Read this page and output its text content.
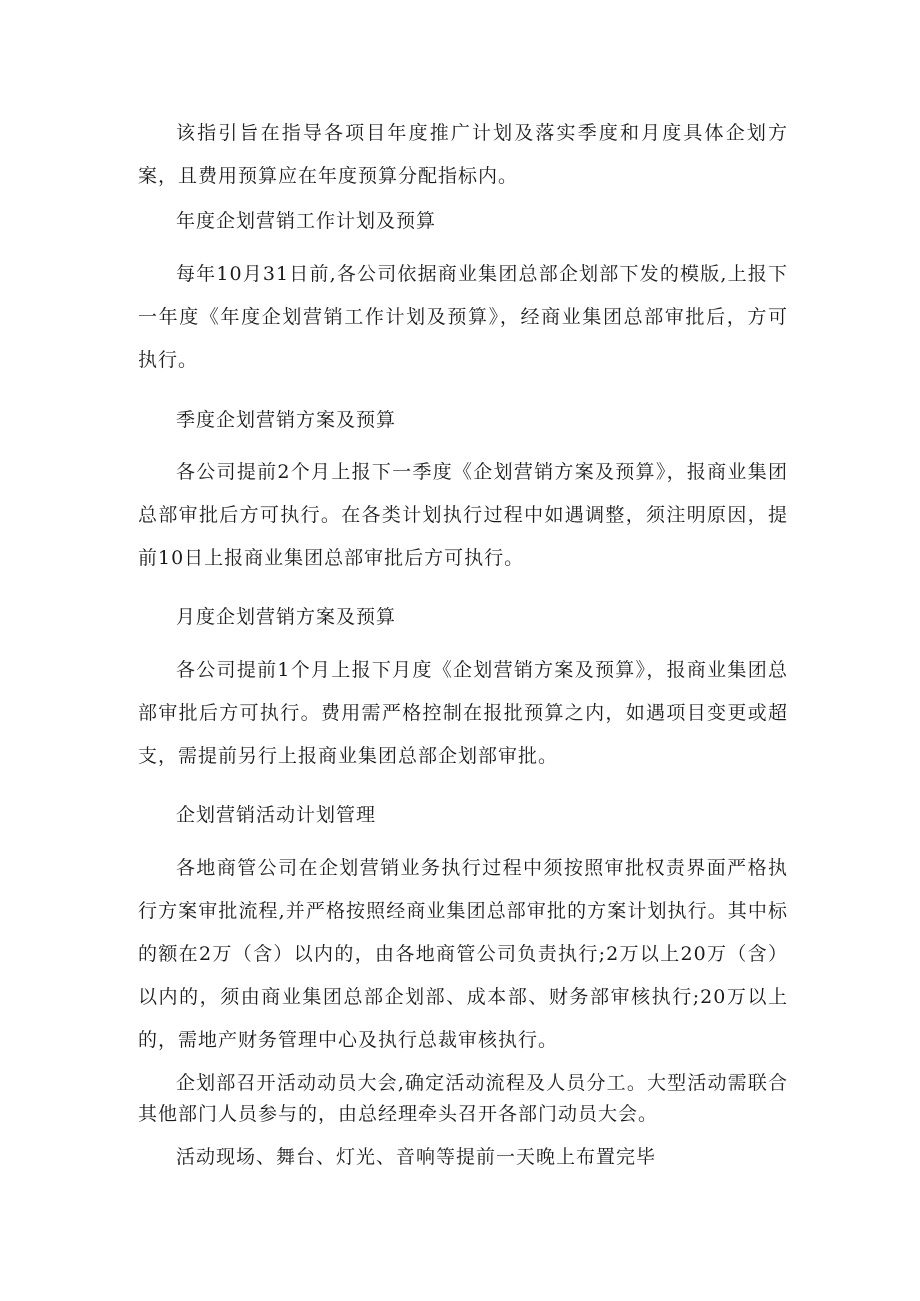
该指引旨在指导各项目年度推广计划及落实季度和月度具体企划方案，且费用预算应在年度预算分配指标内。

年度企划营销工作计划及预算

每年10月31日前,各公司依据商业集团总部企划部下发的模版,上报下一年度《年度企划营销工作计划及预算》，经商业集团总部审批后，方可执行。

季度企划营销方案及预算

各公司提前2个月上报下一季度《企划营销方案及预算》，报商业集团总部审批后方可执行。在各类计划执行过程中如遇调整，须注明原因，提前10日上报商业集团总部审批后方可执行。

月度企划营销方案及预算

各公司提前1个月上报下月度《企划营销方案及预算》，报商业集团总部审批后方可执行。费用需严格控制在报批预算之内，如遇项目变更或超支，需提前另行上报商业集团总部企划部审批。

企划营销活动计划管理

各地商管公司在企划营销业务执行过程中须按照审批权责界面严格执行方案审批流程,并严格按照经商业集团总部审批的方案计划执行。其中标的额在2万（含）以内的，由各地商管公司负责执行;2万以上20万（含）以内的，须由商业集团总部企划部、成本部、财务部审核执行;20万以上的，需地产财务管理中心及执行总裁审核执行。

企划部召开活动动员大会,确定活动流程及人员分工。大型活动需联合其他部门人员参与的，由总经理牵头召开各部门动员大会。

活动现场、舞台、灯光、音响等提前一天晚上布置完毕
